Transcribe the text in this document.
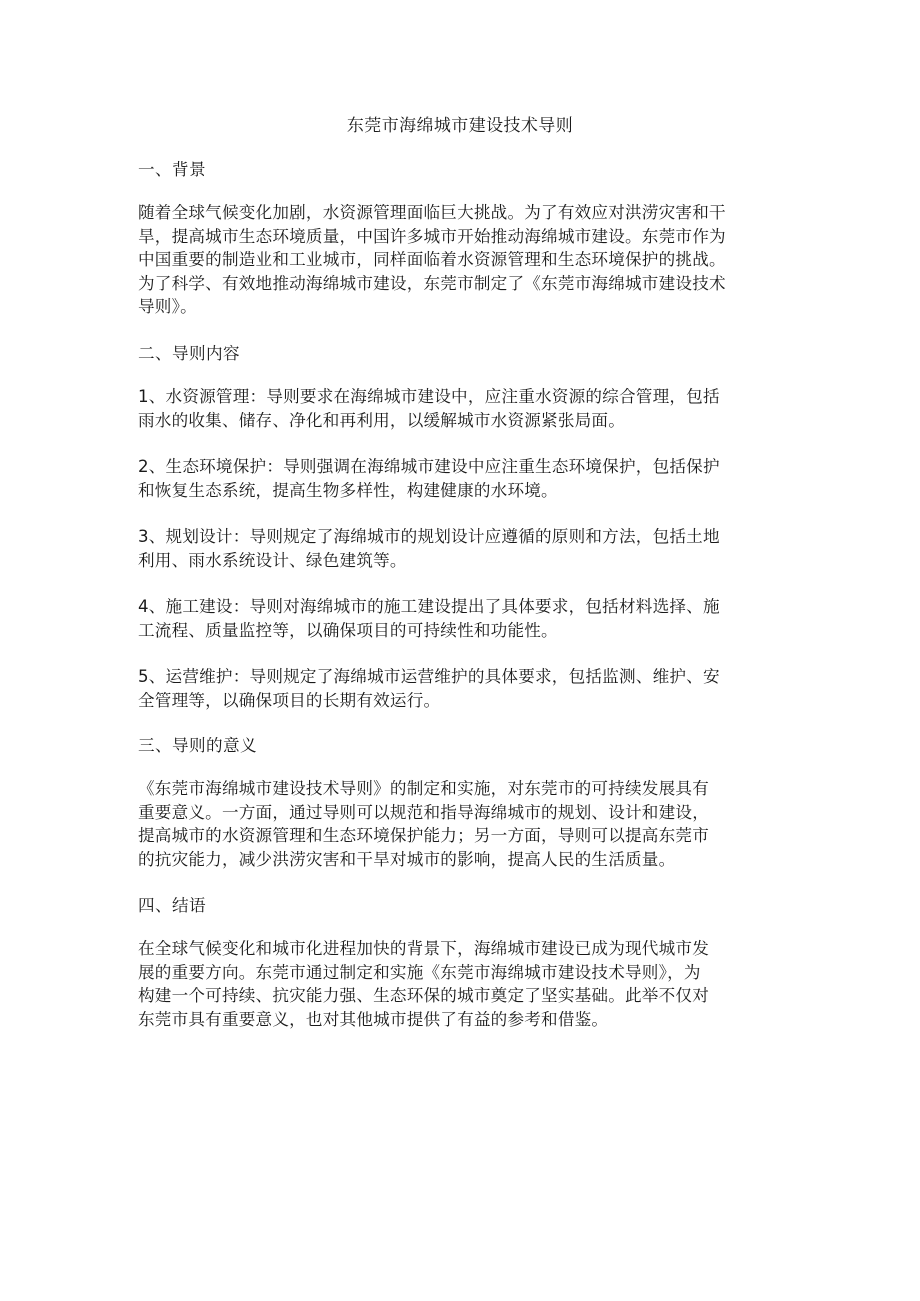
东莞市海绵城市建设技术导则
一、背景
随着全球气候变化加剧，水资源管理面临巨大挑战。为了有效应对洪涝灾害和干
旱，提高城市生态环境质量，中国许多城市开始推动海绵城市建设。东莞市作为
中国重要的制造业和工业城市，同样面临着水资源管理和生态环境保护的挑战。
为了科学、有效地推动海绵城市建设，东莞市制定了《东莞市海绵城市建设技术
导则》。
二、导则内容
1、水资源管理：导则要求在海绵城市建设中，应注重水资源的综合管理，包括
雨水的收集、储存、净化和再利用，以缓解城市水资源紧张局面。
2、生态环境保护：导则强调在海绵城市建设中应注重生态环境保护，包括保护
和恢复生态系统，提高生物多样性，构建健康的水环境。
3、规划设计：导则规定了海绵城市的规划设计应遵循的原则和方法，包括土地
利用、雨水系统设计、绿色建筑等。
4、施工建设：导则对海绵城市的施工建设提出了具体要求，包括材料选择、施
工流程、质量监控等，以确保项目的可持续性和功能性。
5、运营维护：导则规定了海绵城市运营维护的具体要求，包括监测、维护、安
全管理等，以确保项目的长期有效运行。
三、导则的意义
《东莞市海绵城市建设技术导则》的制定和实施，对东莞市的可持续发展具有
重要意义。一方面，通过导则可以规范和指导海绵城市的规划、设计和建设，
提高城市的水资源管理和生态环境保护能力；另一方面，导则可以提高东莞市
的抗灾能力，减少洪涝灾害和干旱对城市的影响，提高人民的生活质量。
四、结语
在全球气候变化和城市化进程加快的背景下，海绵城市建设已成为现代城市发
展的重要方向。东莞市通过制定和实施《东莞市海绵城市建设技术导则》，为
构建一个可持续、抗灾能力强、生态环保的城市奠定了坚实基础。此举不仅对
东莞市具有重要意义，也对其他城市提供了有益的参考和借鉴。
